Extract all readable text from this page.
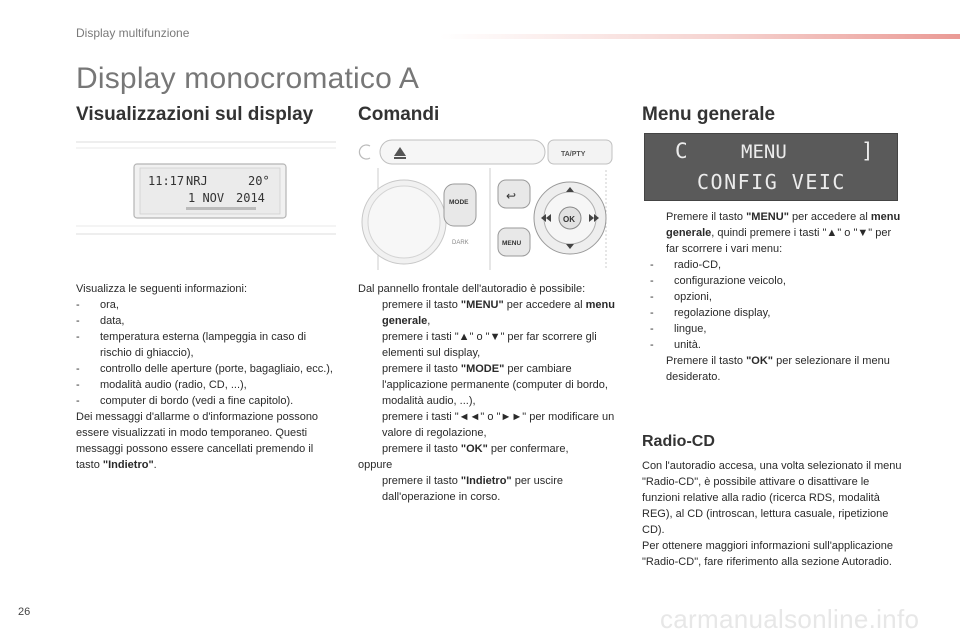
Display multifunzione
Display monocromatico A
Visualizzazioni sul display
11:17 NRJ	20°
1 NOV 2014

Visualizza le seguenti informazioni:

-	ora,
-	data,
-	temperatura esterna (lampeggia in caso di rischio di ghiaccio),
-	controllo delle aperture (porte, bagagliaio, ecc.),
-	modalità audio (radio, CD, ...),
-	computer di bordo (vedi a fine capitolo).

Dei messaggi d'allarme o d'informazione possono essere visualizzati in modo temporaneo. Questi messaggi possono essere cancellati premendo il tasto "Indietro".

Comandi
TA/PTY
MODE
DARK
↩
MENU
OK

Dal pannello frontale dell'autoradio è possibile:

premere il tasto "MENU" per accedere al menu generale,
premere i tasti "▲" o "▼" per far scorrere gli elementi sul display,
premere il tasto "MODE" per cambiare l'applicazione permanente (computer di bordo, modalità audio, ...),
premere i tasti "◄◄" o "►►" per modificare un valore di regolazione,
premere il tasto "OK" per confermare,

oppure

premere il tasto "Indietro" per uscire dall'operazione in corso.
Menu generale
C	MENU	]
CONFIG VEIC
Premere il tasto "MENU" per accedere al menu generale, quindi premere i tasti "▲" o "▼" per far scorrere i vari menu:
- radio-CD,
- configurazione veicolo,
- opzioni,
- regolazione display,
- lingue,
- unità.
Premere il tasto "OK" per selezionare il menu desiderato.
Radio-CD

Con l'autoradio accesa, una volta selezionato il menu "Radio-CD", è possibile attivare o disattivare le funzioni relative alla radio (ricerca RDS, modalità REG), al CD (introscan, lettura casuale, ripetizione CD).

Per ottenere maggiori informazioni sull'applicazione "Radio-CD", fare riferimento alla sezione Autoradio.

26	carmanualsonline.info
